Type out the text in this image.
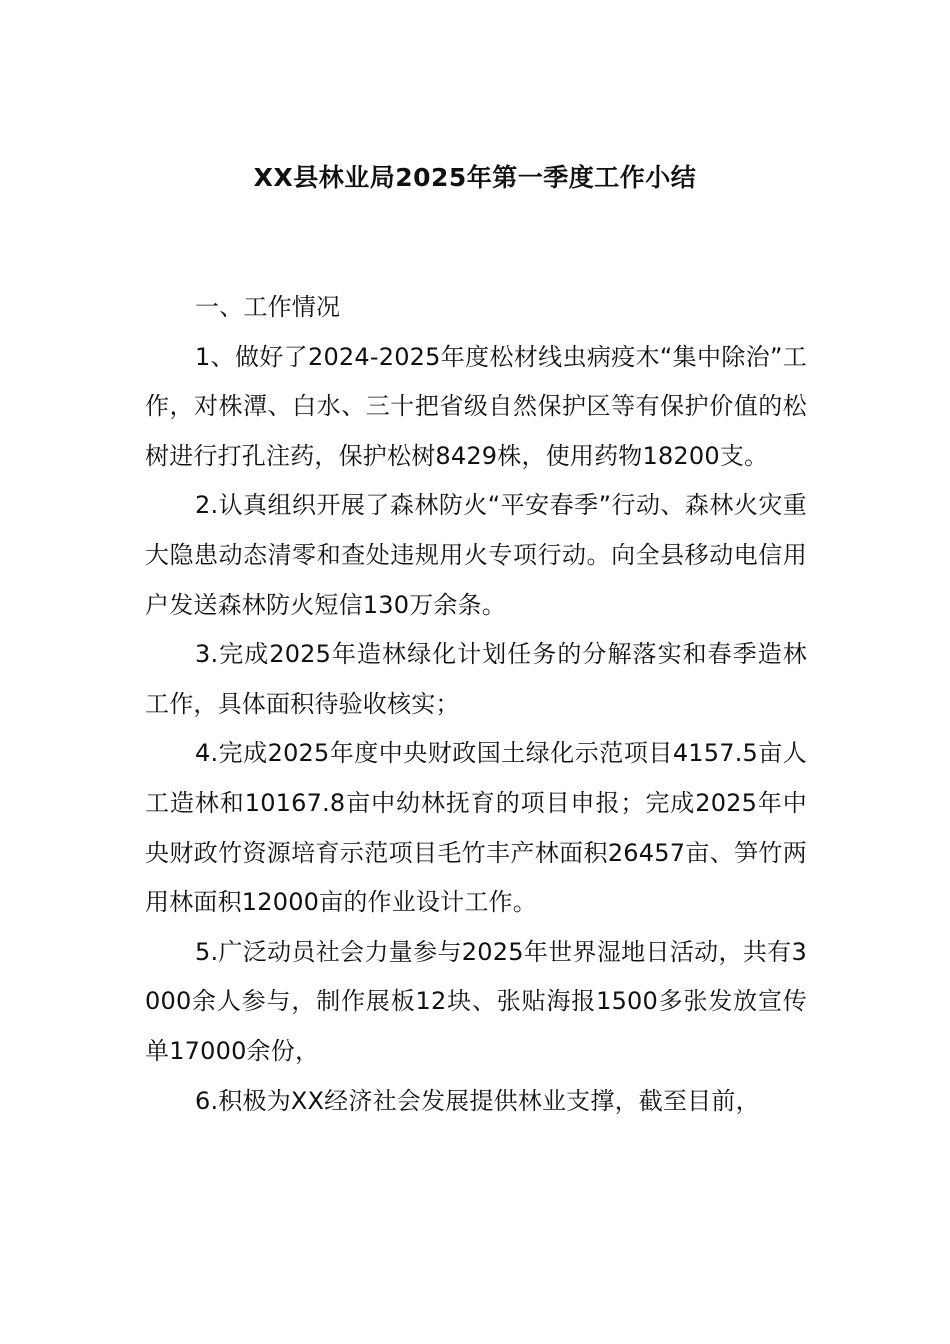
XX县林业局2025年第一季度工作小结

一、工作情况

1、做好了2024-2025年度松材线虫病疫木“集中除治”工作，对株潭、白水、三十把省级自然保护区等有保护价值的松树进行打孔注药，保护松树8429株，使用药物18200支。

2.认真组织开展了森林防火“平安春季”行动、森林火灾重大隐患动态清零和查处违规用火专项行动。向全县移动电信用户发送森林防火短信130万余条。

3.完成2025年造林绿化计划任务的分解落实和春季造林工作，具体面积待验收核实；

4.完成2025年度中央财政国土绿化示范项目4157.5亩人工造林和10167.8亩中幼林抚育的项目申报；完成2025年中央财政竹资源培育示范项目毛竹丰产林面积26457亩、笋竹两用林面积12000亩的作业设计工作。

5.广泛动员社会力量参与2025年世界湿地日活动，共有3000余人参与，制作展板12块、张贴海报1500多张发放宣传单17000余份，

6.积极为XX经济社会发展提供林业支撑，截至目前，
